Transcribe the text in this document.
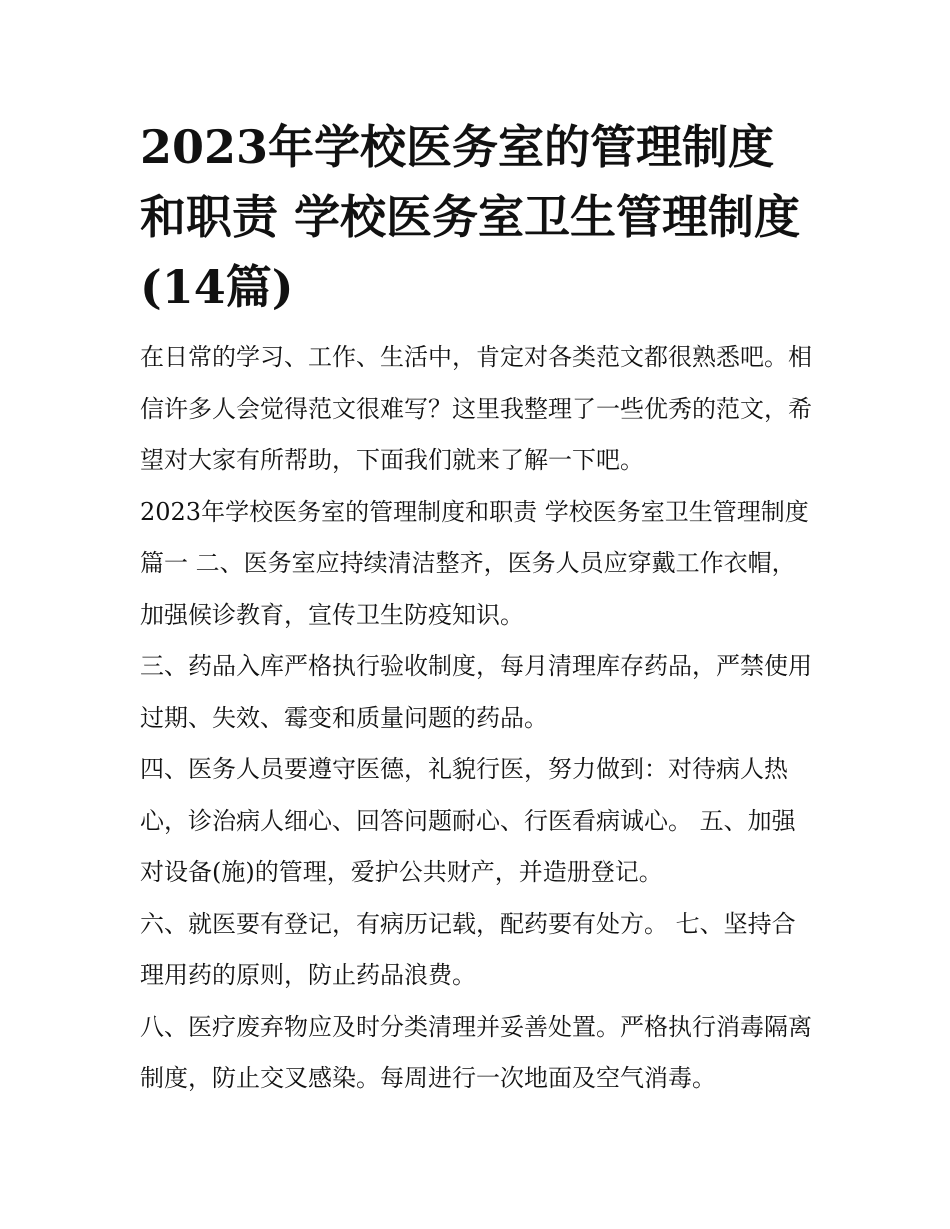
2023年学校医务室的管理制度和职责 学校医务室卫生管理制度(14篇)

在日常的学习、工作、生活中，肯定对各类范文都很熟悉吧。相信许多人会觉得范文很难写？这里我整理了一些优秀的范文，希望对大家有所帮助，下面我们就来了解一下吧。

2023年学校医务室的管理制度和职责 学校医务室卫生管理制度篇一 二、医务室应持续清洁整齐，医务人员应穿戴工作衣帽，加强候诊教育，宣传卫生防疫知识。

三、药品入库严格执行验收制度，每月清理库存药品，严禁使用过期、失效、霉变和质量问题的药品。

四、医务人员要遵守医德，礼貌行医，努力做到：对待病人热心，诊治病人细心、回答问题耐心、行医看病诚心。 五、加强对设备(施)的管理，爱护公共财产，并造册登记。

六、就医要有登记，有病历记载，配药要有处方。 七、坚持合理用药的原则，防止药品浪费。

八、医疗废弃物应及时分类清理并妥善处置。严格执行消毒隔离制度，防止交叉感染。每周进行一次地面及空气消毒。
